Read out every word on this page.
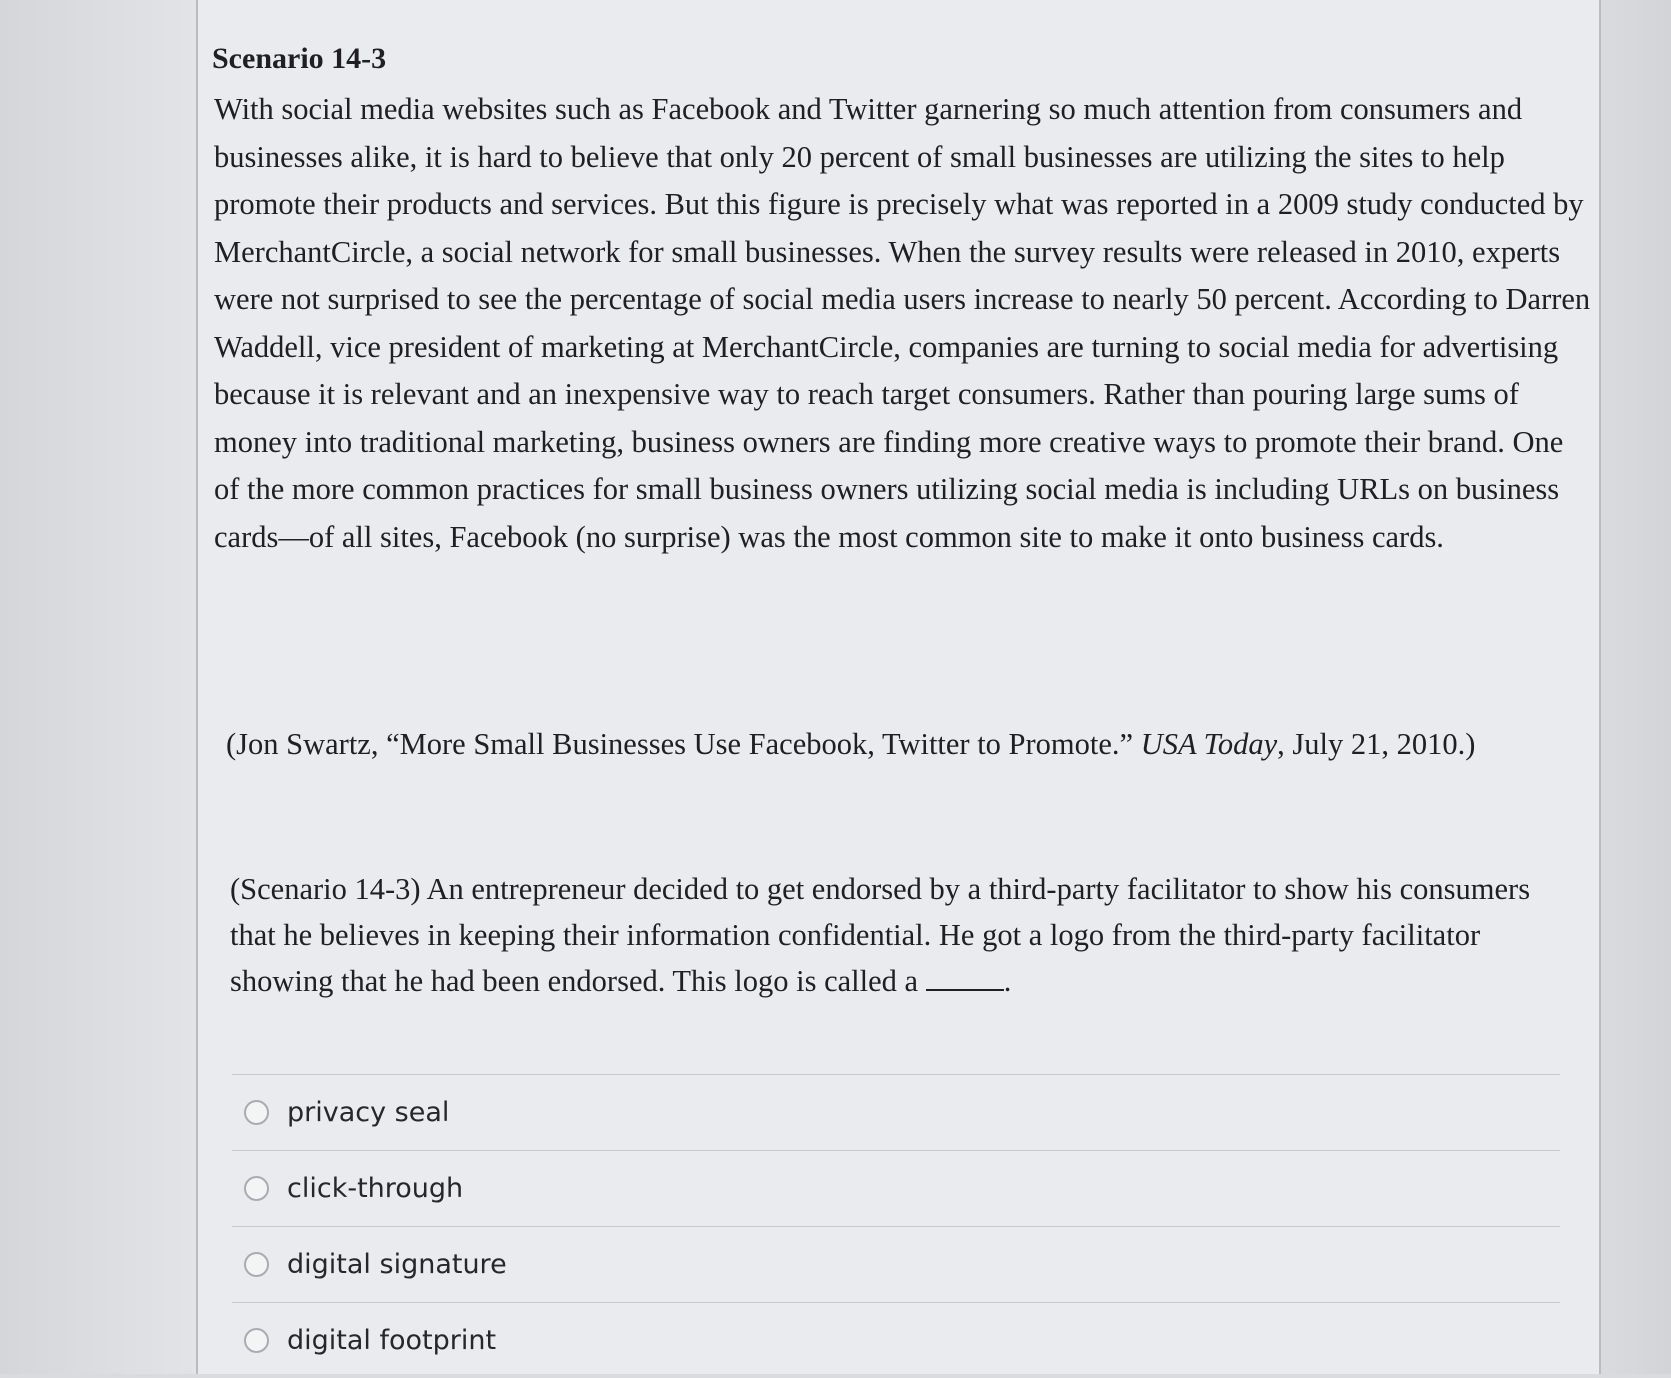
Scenario 14-3

With social media websites such as Facebook and Twitter garnering so much attention from consumers and businesses alike, it is hard to believe that only 20 percent of small businesses are utilizing the sites to help promote their products and services. But this figure is precisely what was reported in a 2009 study conducted by MerchantCircle, a social network for small businesses. When the survey results were released in 2010, experts were not surprised to see the percentage of social media users increase to nearly 50 percent. According to Darren Waddell, vice president of marketing at MerchantCircle, companies are turning to social media for advertising because it is relevant and an inexpensive way to reach target consumers. Rather than pouring large sums of money into traditional marketing, business owners are finding more creative ways to promote their brand. One of the more common practices for small business owners utilizing social media is including URLs on business cards—of all sites, Facebook (no surprise) was the most common site to make it onto business cards.

(Jon Swartz, “More Small Businesses Use Facebook, Twitter to Promote.” USA Today, July 21, 2010.)

(Scenario 14-3) An entrepreneur decided to get endorsed by a third-party facilitator to show his consumers that he believes in keeping their information confidential. He got a logo from the third-party facilitator showing that he had been endorsed. This logo is called a	.

privacy seal
click-through
digital signature
digital footprint
